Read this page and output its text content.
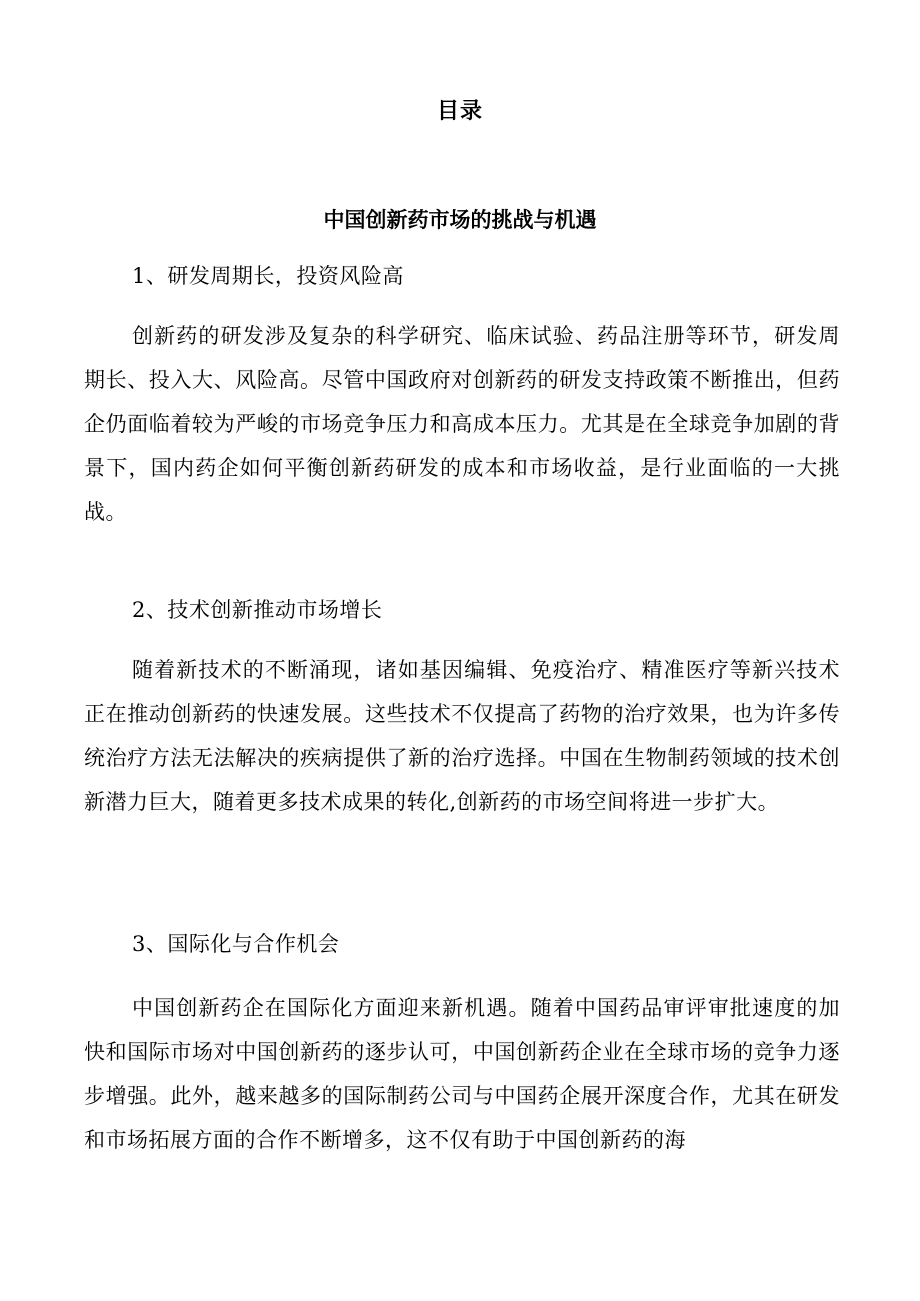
目录
中国创新药市场的挑战与机遇

1、研发周期长，投资风险高

创新药的研发涉及复杂的科学研究、临床试验、药品注册等环节，研发周期长、投入大、风险高。尽管中国政府对创新药的研发支持政策不断推出，但药企仍面临着较为严峻的市场竞争压力和高成本压力。尤其是在全球竞争加剧的背景下，国内药企如何平衡创新药研发的成本和市场收益，是行业面临的一大挑战。

2、技术创新推动市场增长

随着新技术的不断涌现，诸如基因编辑、免疫治疗、精准医疗等新兴技术正在推动创新药的快速发展。这些技术不仅提高了药物的治疗效果，也为许多传统治疗方法无法解决的疾病提供了新的治疗选择。中国在生物制药领域的技术创新潜力巨大，随着更多技术成果的转化,创新药的市场空间将进一步扩大。

3、国际化与合作机会

中国创新药企在国际化方面迎来新机遇。随着中国药品审评审批速度的加快和国际市场对中国创新药的逐步认可，中国创新药企业在全球市场的竞争力逐步增强。此外，越来越多的国际制药公司与中国药企展开深度合作，尤其在研发和市场拓展方面的合作不断增多，这不仅有助于中国创新药的海
